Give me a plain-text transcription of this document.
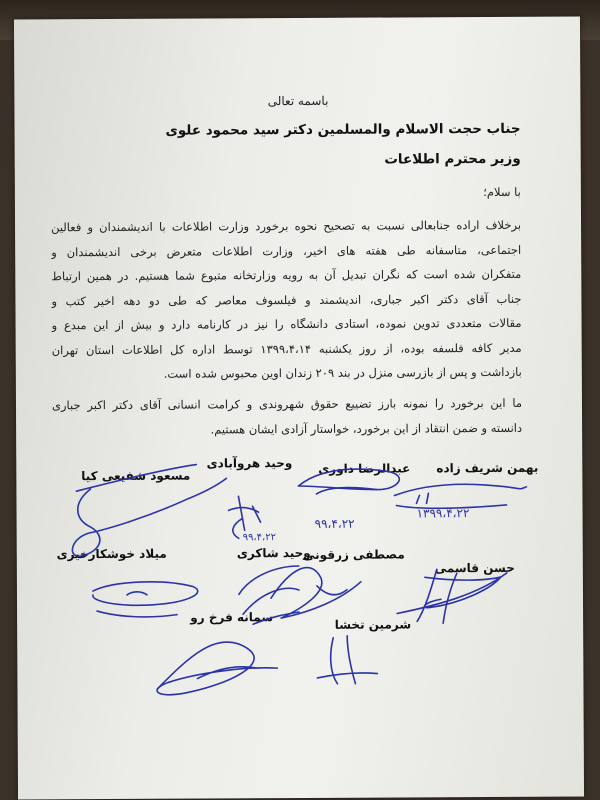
باسمه تعالی
جناب حجت الاسلام والمسلمین دکتر سید محمود علوی
وزیر محترم اطلاعات
با سلام؛
برخلاف اراده جنابعالی نسبت به تصحیح نحوه برخورد وزارت اطلاعات با اندیشمندان و فعالین
اجتماعی، متاسفانه طی هفته های اخیر، وزارت اطلاعات متعرض برخی اندیشمندان و
متفکران شده است که نگران تبدیل آن به رویه وزارتخانه متبوع شما هستیم. در همین ارتباط
جناب آقای دکتر اکبر جباری، اندیشمند و فیلسوف معاصر که طی دو دهه اخیر کتب و
مقالات متعددی تدوین نموده، استادی دانشگاه را نیز در کارنامه دارد و بیش از این مبدع و
مدیر کافه فلسفه بوده، از روز یکشنبه ۱۳۹۹،۴،۱۴ توسط اداره کل اطلاعات استان تهران
بازداشت و پس از بازرسی منزل در بند ۲۰۹ زندان اوین محبوس شده است.
ما این برخورد را نمونه بارز تضییع حقوق شهروندی و کرامت انسانی آقای دکتر اکبر جباری
دانسته و ضمن انتقاد از این برخورد، خواستار آزادی ایشان هستیم.
بهمن شریف زاده
عبدالرضا داوری
وحید هروآبادی
مسعود شفیعی کیا
حسن قاسمی
مصطفی زرقونی
وحید شاکری
میلاد خوشکارخیری
شرمین تخشا
سمانه فرخ رو
۱۳۹۹،۴،۲۲
۹۹،۴،۲۲
۹۹،۴،۲۲
